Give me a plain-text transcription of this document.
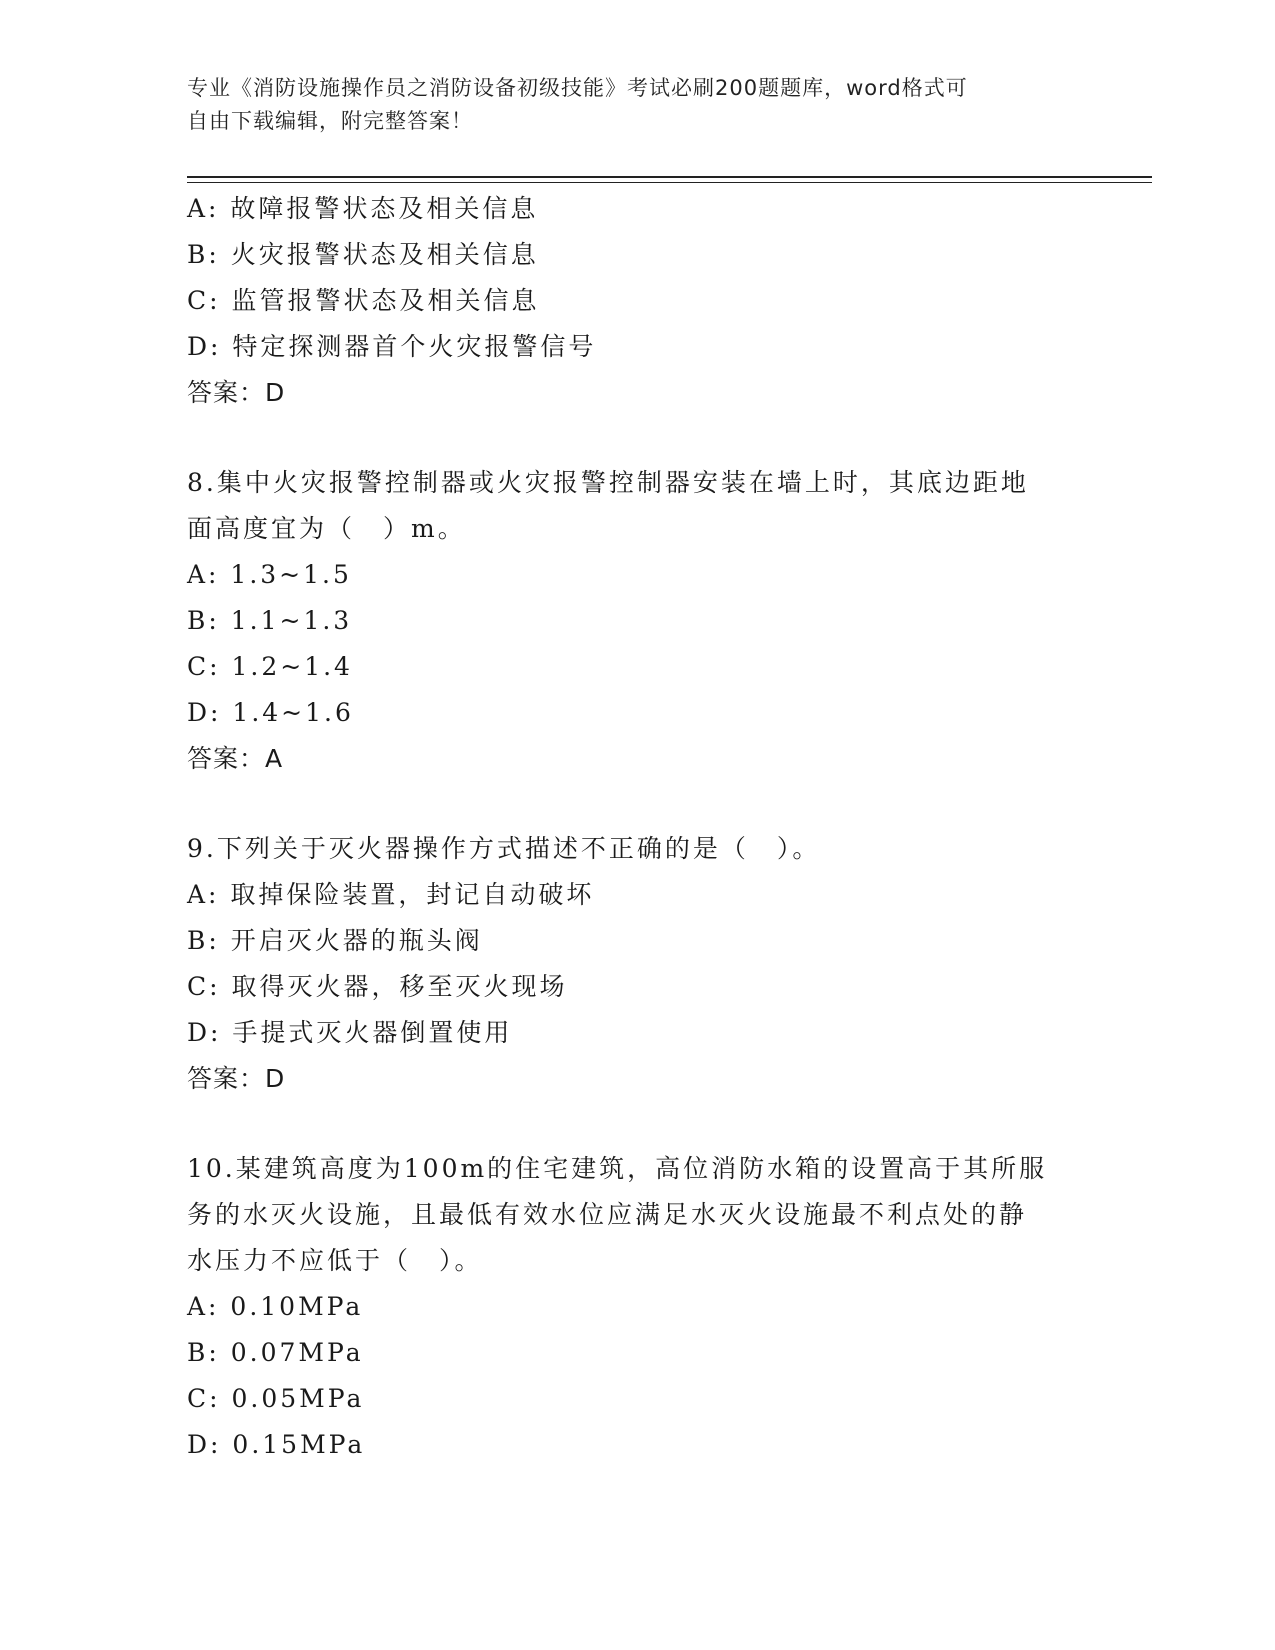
专业《消防设施操作员之消防设备初级技能》考试必刷200题题库，word格式可
自由下载编辑，附完整答案！
A: 故障报警状态及相关信息
B: 火灾报警状态及相关信息
C: 监管报警状态及相关信息
D: 特定探测器首个火灾报警信号
答案：D
8.集中火灾报警控制器或火灾报警控制器安装在墙上时，其底边距地
面高度宜为（　）m。
A: 1.3~1.5
B: 1.1~1.3
C: 1.2~1.4
D: 1.4~1.6
答案：A
9.下列关于灭火器操作方式描述不正确的是（　）。
A: 取掉保险装置，封记自动破坏
B: 开启灭火器的瓶头阀
C: 取得灭火器，移至灭火现场
D: 手提式灭火器倒置使用
答案：D
10.某建筑高度为100m的住宅建筑，高位消防水箱的设置高于其所服
务的水灭火设施，且最低有效水位应满足水灭火设施最不利点处的静
水压力不应低于（　）。
A: 0.10MPa
B: 0.07MPa
C: 0.05MPa
D: 0.15MPa
